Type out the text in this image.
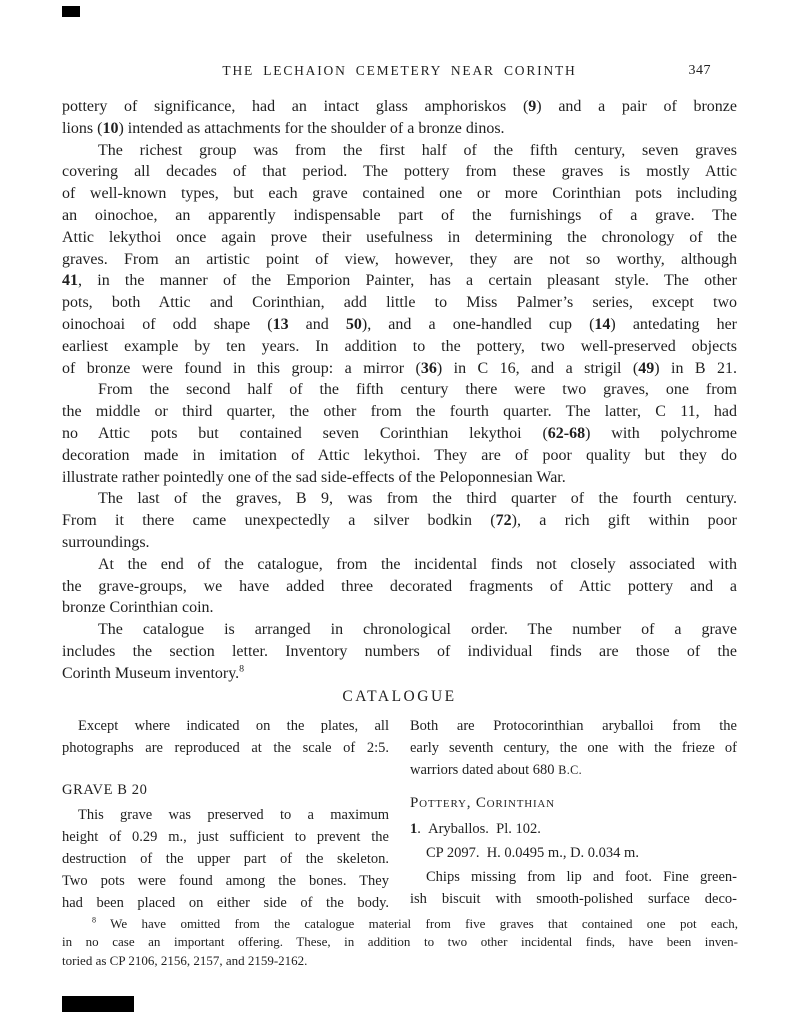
THE LECHAION CEMETERY NEAR CORINTH	347
pottery of significance, had an intact glass amphoriskos (9) and a pair of bronze
lions (10) intended as attachments for the shoulder of a bronze dinos.
The richest group was from the first half of the fifth century, seven graves
covering all decades of that period. The pottery from these graves is mostly Attic
of well-known types, but each grave contained one or more Corinthian pots including
an oinochoe, an apparently indispensable part of the furnishings of a grave. The
Attic lekythoi once again prove their usefulness in determining the chronology of the
graves. From an artistic point of view, however, they are not so worthy, although
41, in the manner of the Emporion Painter, has a certain pleasant style. The other
pots, both Attic and Corinthian, add little to Miss Palmer’s series, except two
oinochoai of odd shape (13 and 50), and a one-handled cup (14) antedating her
earliest example by ten years. In addition to the pottery, two well-preserved objects
of bronze were found in this group: a mirror (36) in C 16, and a strigil (49) in B 21.
From the second half of the fifth century there were two graves, one from
the middle or third quarter, the other from the fourth quarter. The latter, C 11, had
no Attic pots but contained seven Corinthian lekythoi (62-68) with polychrome
decoration made in imitation of Attic lekythoi. They are of poor quality but they do
illustrate rather pointedly one of the sad side-effects of the Peloponnesian War.
The last of the graves, B 9, was from the third quarter of the fourth century.
From it there came unexpectedly a silver bodkin (72), a rich gift within poor
surroundings.
At the end of the catalogue, from the incidental finds not closely associated with
the grave-groups, we have added three decorated fragments of Attic pottery and a
bronze Corinthian coin.
The catalogue is arranged in chronological order. The number of a grave
includes the section letter. Inventory numbers of individual finds are those of the
Corinth Museum inventory.$^8$
CATALOGUE
Except where indicated on the plates, all
photographs are reproduced at the scale of 2:5.
GRAVE B 20
This grave was preserved to a maximum
height of 0.29 m., just sufficient to prevent the
destruction of the upper part of the skeleton.
Two pots were found among the bones. They
had been placed on either side of the body.
Both are Protocorinthian aryballoi from the
early seventh century, the one with the frieze of
warriors dated about 680 B.C.
Pottery, Corinthian
1. Aryballos. Pl. 102.
CP 2097. H. 0.0495 m., D. 0.034 m.
Chips missing from lip and foot. Fine green-
ish biscuit with smooth-polished surface deco-
$^8$ We have omitted from the catalogue material from five graves that contained one pot each,
in no case an important offering. These, in addition to two other incidental finds, have been inven-
toried as CP 2106, 2156, 2157, and 2159-2162.
